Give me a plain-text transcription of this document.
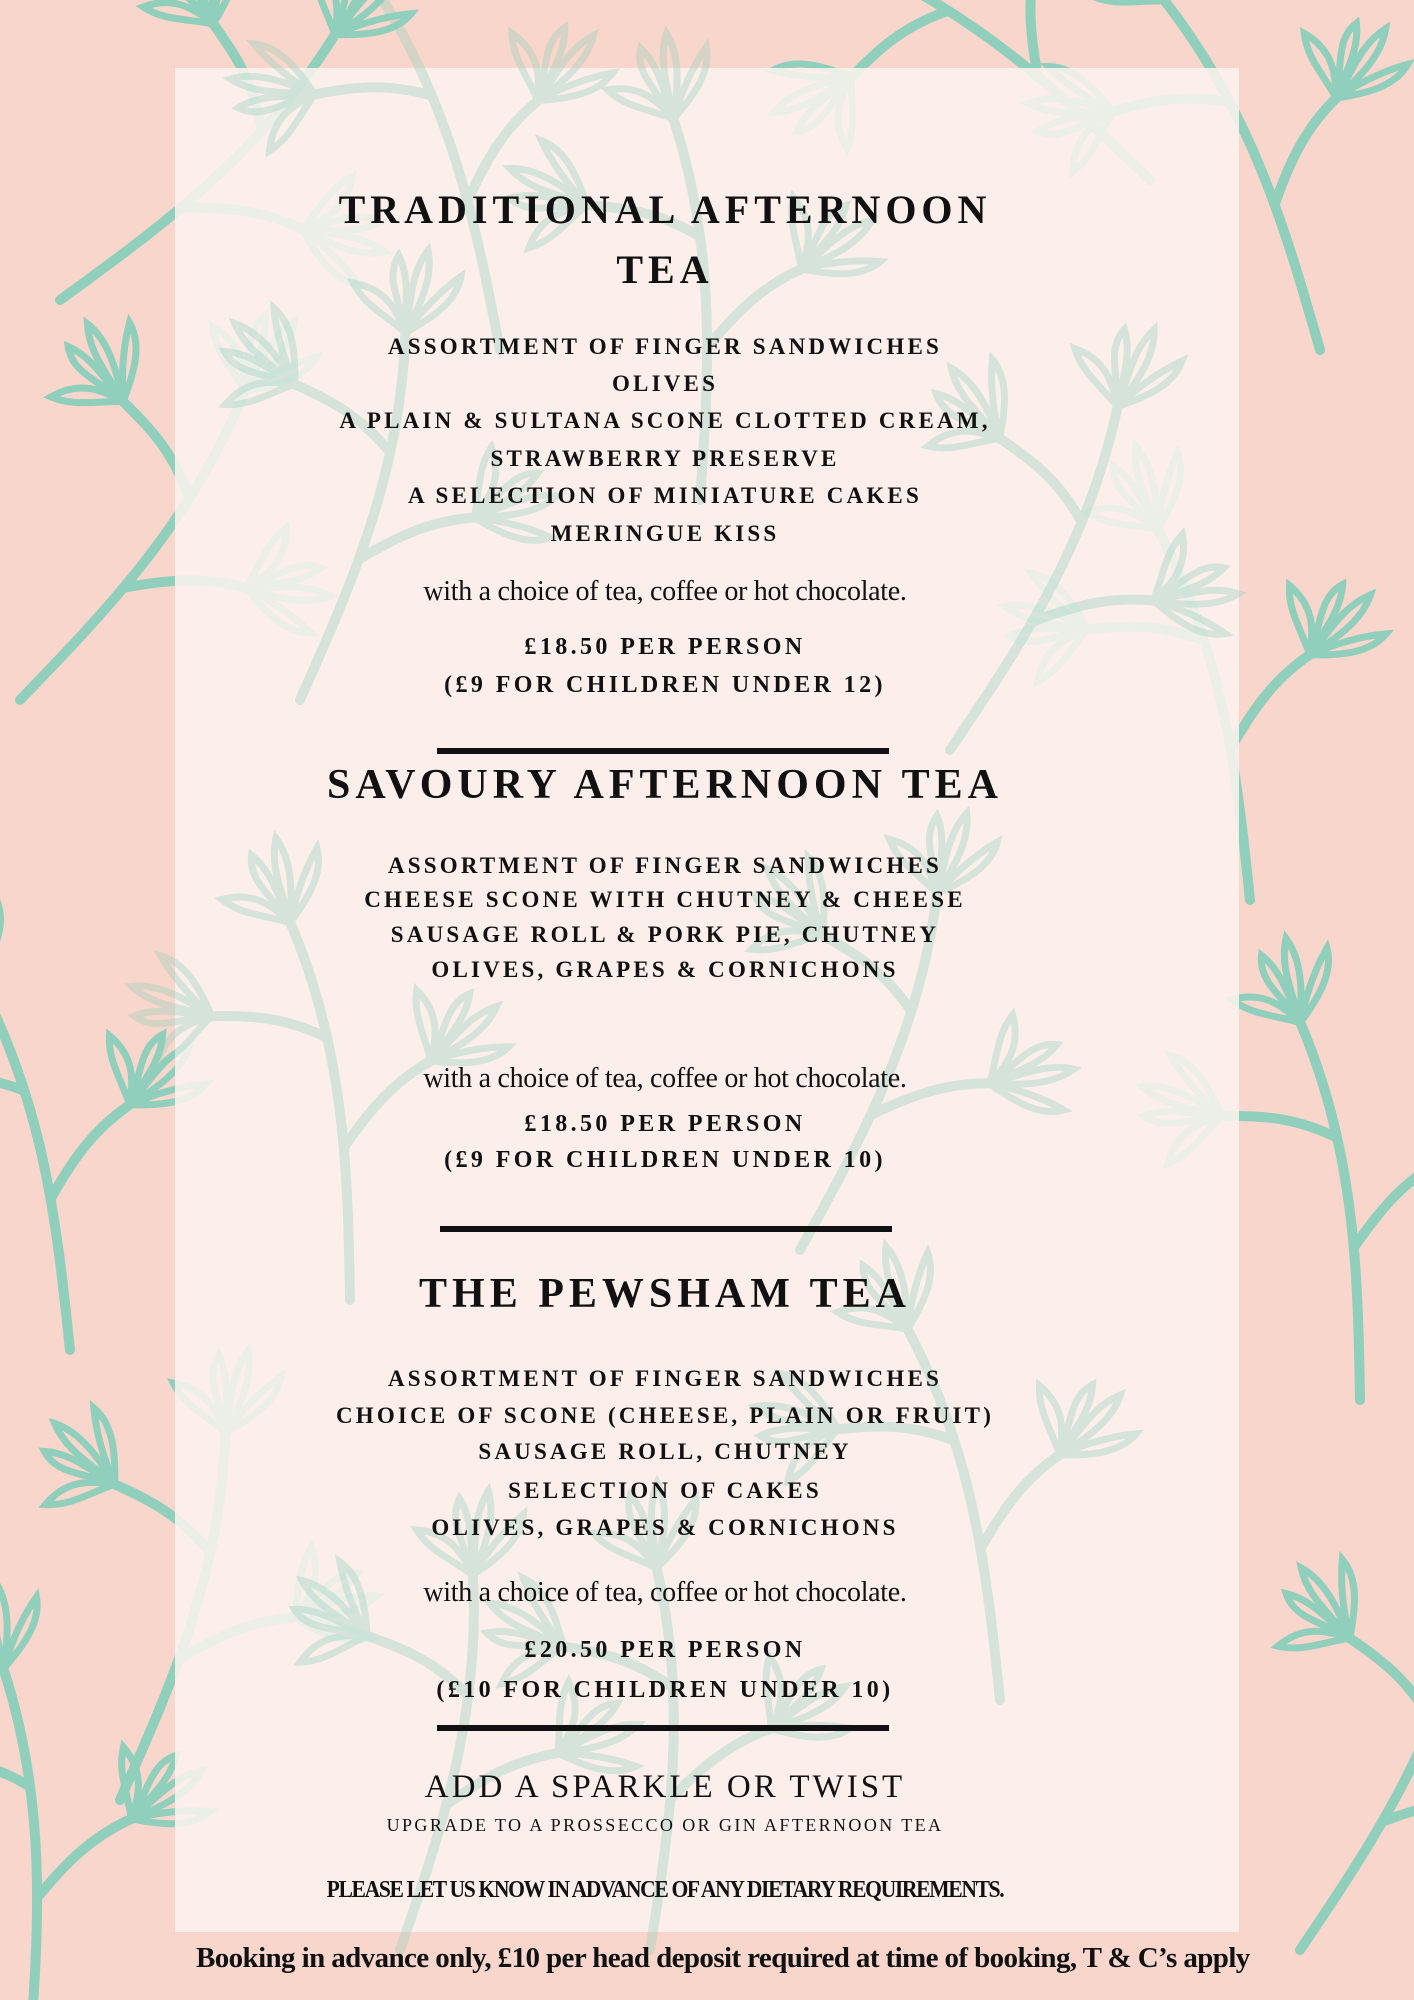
TRADITIONAL AFTERNOON
TEA
ASSORTMENT OF FINGER SANDWICHES
OLIVES
A PLAIN & SULTANA SCONE CLOTTED CREAM,
STRAWBERRY PRESERVE
A SELECTION OF MINIATURE CAKES
MERINGUE KISS
with a choice of tea, coffee or hot chocolate.
£18.50 PER PERSON
(£9 FOR CHILDREN UNDER 12)
SAVOURY AFTERNOON TEA
ASSORTMENT OF FINGER SANDWICHES
CHEESE SCONE WITH CHUTNEY & CHEESE
SAUSAGE ROLL & PORK PIE, CHUTNEY
OLIVES, GRAPES & CORNICHONS
with a choice of tea, coffee or hot chocolate.
£18.50 PER PERSON
(£9 FOR CHILDREN UNDER 10)
THE PEWSHAM TEA
ASSORTMENT OF FINGER SANDWICHES
CHOICE OF SCONE (CHEESE, PLAIN OR FRUIT)
SAUSAGE ROLL, CHUTNEY
SELECTION OF CAKES
OLIVES, GRAPES & CORNICHONS
with a choice of tea, coffee or hot chocolate.
£20.50 PER PERSON
(£10 FOR CHILDREN UNDER 10)
ADD A SPARKLE OR TWIST
UPGRADE TO A PROSSECCO OR GIN AFTERNOON TEA
PLEASE LET US KNOW IN ADVANCE OF ANY DIETARY REQUIREMENTS.
Booking in advance only, £10 per head deposit required at time of booking, T & C’s apply
